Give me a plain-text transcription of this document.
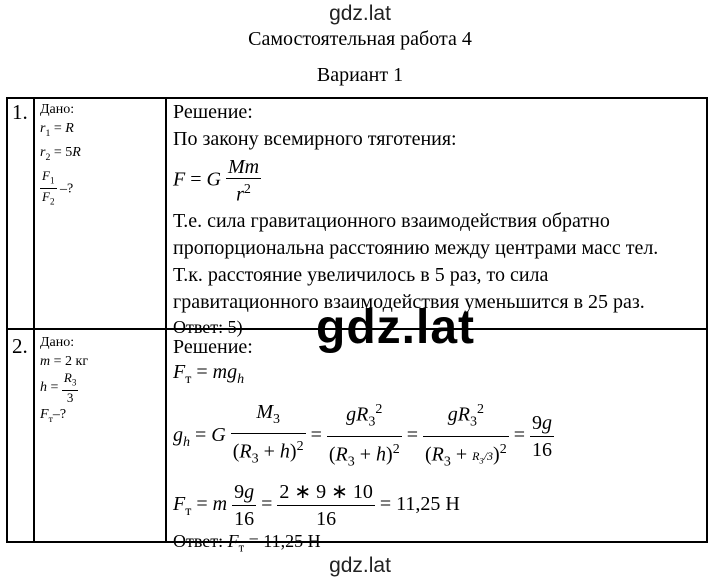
gdz.lat
Самостоятельная работа 4
Вариант 1
1. Дано:
$r_1 = R$
$r_2 = 5R$
$\frac{F_1}{F_2}$ –?
Решение:
По закону всемирного тяготения:
F = G $\frac{Mm}{r^2}$
Т.е. сила гравитационного взаимодействия обратно
пропорциональна расстоянию между центрами масс тел.
Т.к. расстояние увеличилось в 5 раз, то сила
гравитационного взаимодействия уменьшится в 25 раз.
Ответ: 5)
2. Дано:
m = 2 кг
$h = \frac{R_3}{3}$
$F_т-$?
Решение:
$F_т = mg_h$
$g_h = G \frac{M_3}{(R_3 + h)^2} = \frac{gR_3^2}{(R_3 + h)^2} = \frac{gR_3^2}{(R_3 + R_3/3)^2} = \frac{9g}{16}$
$F_т = m \frac{9g}{16} = \frac{2 ∗ 9 ∗ 10}{16} = 11,25$ Н
Ответ: $F_т = 11,25$ Н
gdz.lat
gdz.lat
